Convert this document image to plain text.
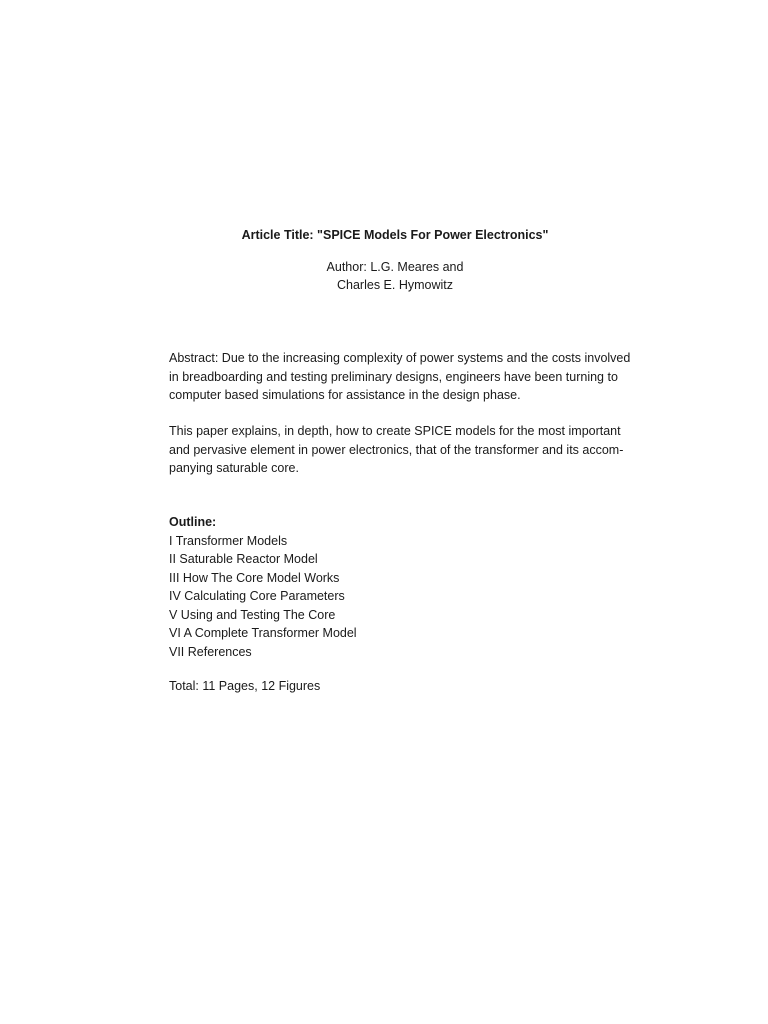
Article Title: "SPICE Models For Power Electronics"
Author: L.G. Meares and
Charles E. Hymowitz
Abstract: Due to the increasing complexity of power systems and the costs involved
in breadboarding and testing preliminary designs, engineers have been turning to
computer based simulations for assistance in the design phase.
This paper explains, in depth, how to create SPICE models for the most important
and pervasive element in power electronics, that of the transformer and its accom-
panying saturable core.
Outline:
I Transformer Models
II Saturable Reactor Model
III How The Core Model Works
IV Calculating Core Parameters
V Using and Testing The Core
VI A Complete Transformer Model
VII References
Total: 11 Pages, 12 Figures
